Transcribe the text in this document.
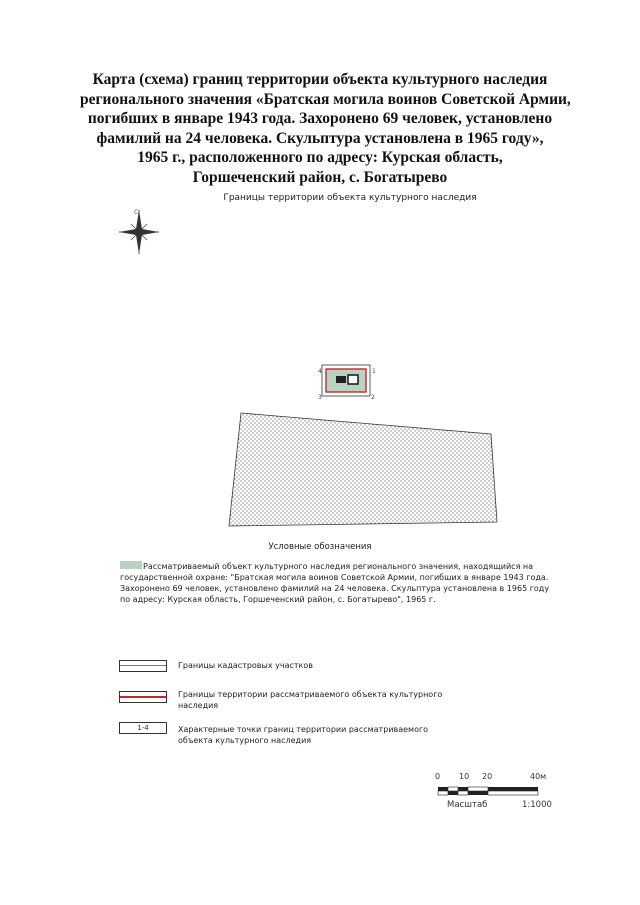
Карта (схема) границ территории объекта культурного наследия
регионального значения «Братская могила воинов Советской Армии,
погибших в январе 1943 года. Захоронено 69 человек, установлено
фамилий на 24 человека. Скульптура установлена в 1965 году»,
1965 г., расположенного по адресу: Курская область,
Горшеченский район, с. Богатырево
Границы территории объекта культурного наследия
С
1
2
3
4
0 10 20	40м
Масштаб	1:1000
Условные обозначения
Рассматриваемый объект культурного наследия регионального значения, находящийся на
государственной охране: "Братская могила воинов Советской Армии, погибших в январе 1943 года.
Захоронено 69 человек, установлено фамилий на 24 человека. Скульптура установлена в 1965 году
по адресу: Курская область, Горшеченский район, с. Богатырево", 1965 г.
Границы кадастровых участков
Границы территории рассматриваемого объекта культурного
наследия
1-4	Характерные точки границ территории рассматриваемого
объекта культурного наследия
